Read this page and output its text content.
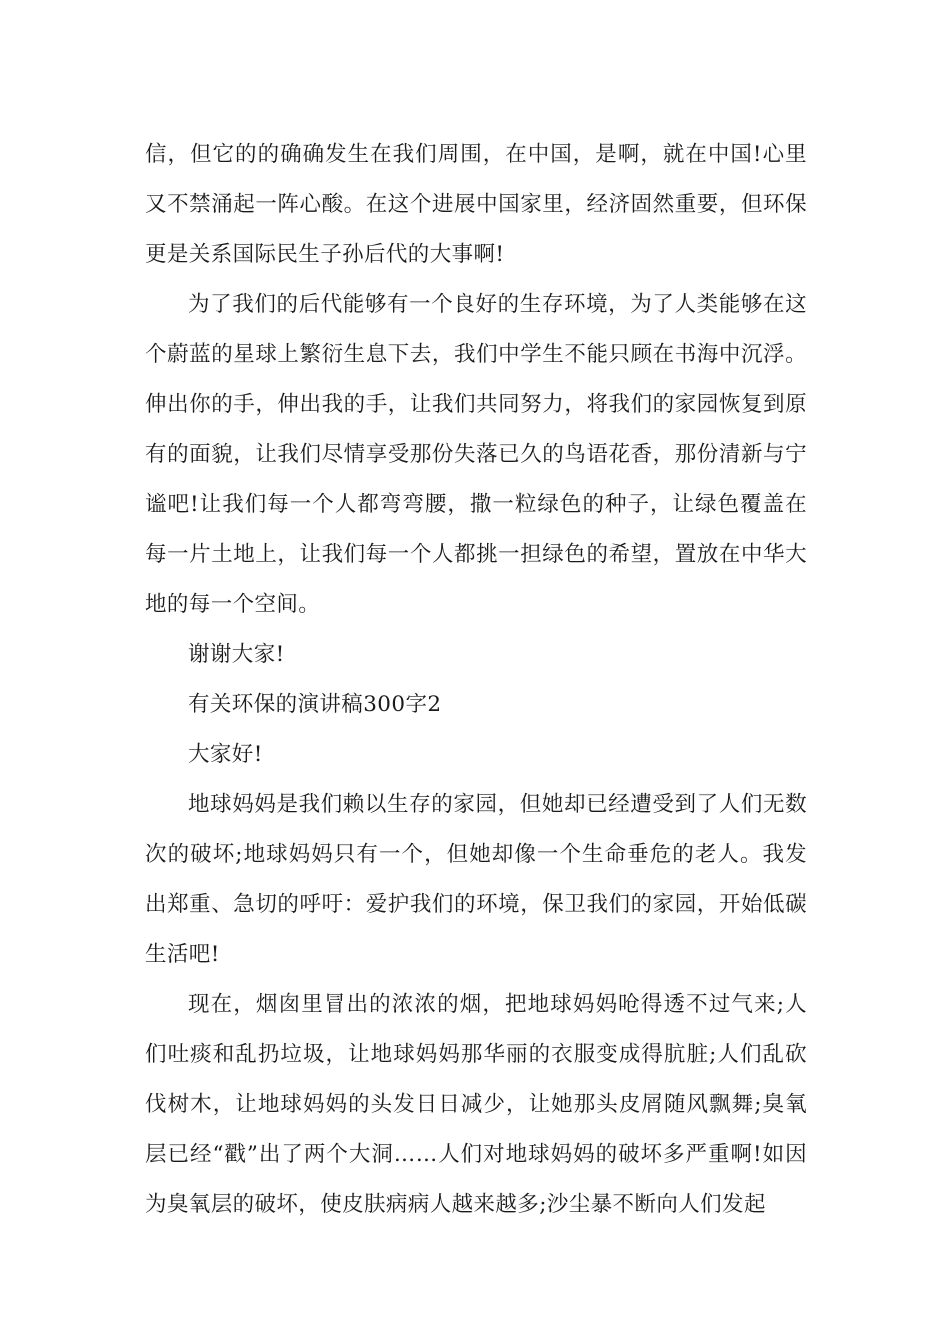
信，但它的的确确发生在我们周围，在中国，是啊，就在中国!心里又不禁涌起一阵心酸。在这个进展中国家里，经济固然重要，但环保更是关系国际民生子孙后代的大事啊!

为了我们的后代能够有一个良好的生存环境，为了人类能够在这个蔚蓝的星球上繁衍生息下去，我们中学生不能只顾在书海中沉浮。伸出你的手，伸出我的手，让我们共同努力，将我们的家园恢复到原有的面貌，让我们尽情享受那份失落已久的鸟语花香，那份清新与宁谧吧!让我们每一个人都弯弯腰，撒一粒绿色的种子，让绿色覆盖在每一片土地上，让我们每一个人都挑一担绿色的希望，置放在中华大地的每一个空间。

谢谢大家!

有关环保的演讲稿300字2

大家好!

地球妈妈是我们赖以生存的家园，但她却已经遭受到了人们无数次的破坏;地球妈妈只有一个，但她却像一个生命垂危的老人。我发出郑重、急切的呼吁：爱护我们的环境，保卫我们的家园，开始低碳生活吧!

现在，烟囱里冒出的浓浓的烟，把地球妈妈呛得透不过气来;人们吐痰和乱扔垃圾，让地球妈妈那华丽的衣服变成得肮脏;人们乱砍伐树木，让地球妈妈的头发日日减少，让她那头皮屑随风飘舞;臭氧层已经“戳”出了两个大洞……人们对地球妈妈的破坏多严重啊!如因为臭氧层的破坏，使皮肤病病人越来越多;沙尘暴不断向人们发起
